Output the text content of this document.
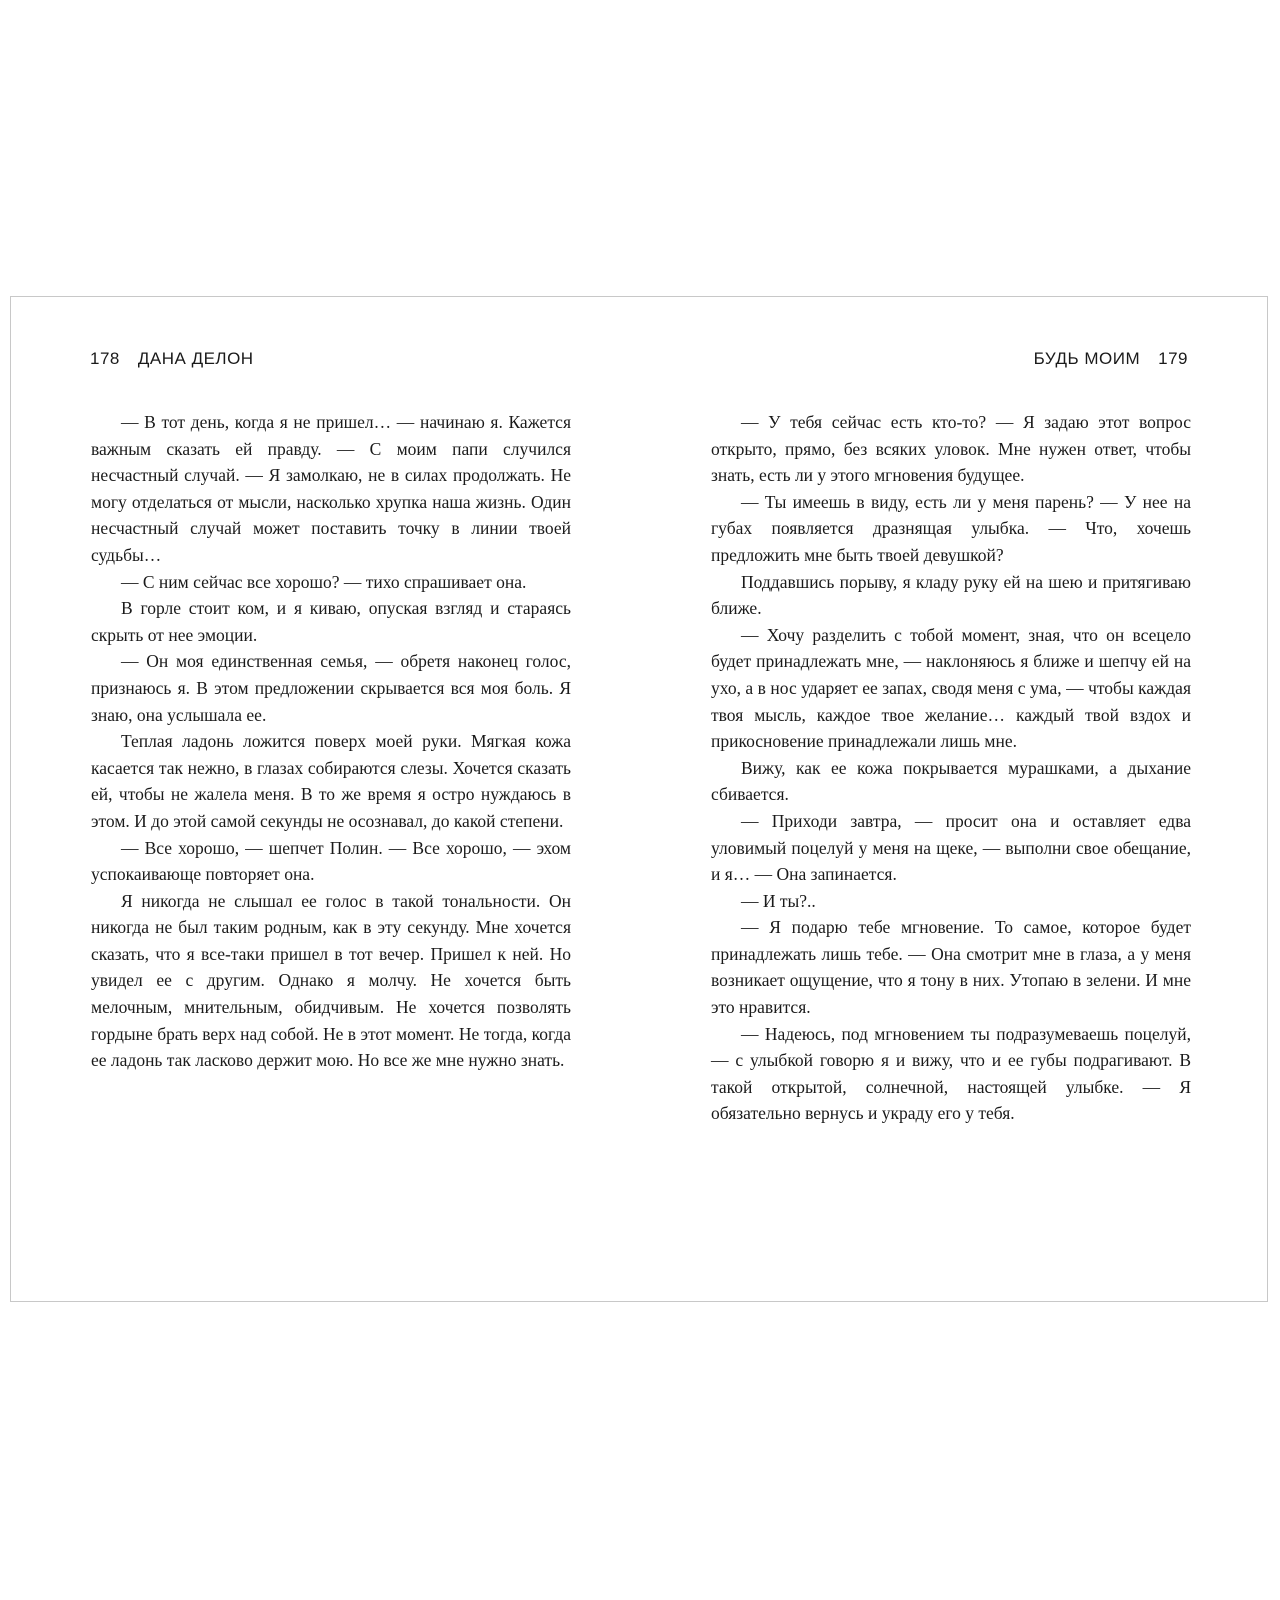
178 ДАНА ДЕЛОН	БУДЬ МОИМ 179

— В тот день, когда я не пришел… — начинаю я. Кажется важным сказать ей правду. — С моим папи случился несчастный случай. — Я замолкаю, не в силах продолжать. Не могу отделаться от мысли, насколько хрупка наша жизнь. Один несчастный случай может поставить точку в линии твоей судьбы…

— С ним сейчас все хорошо? — тихо спрашивает она.

В горле стоит ком, и я киваю, опуская взгляд и стараясь скрыть от нее эмоции.

— Он моя единственная семья, — обретя наконец голос, признаюсь я. В этом предложении скрывается вся моя боль. Я знаю, она услышала ее.

Теплая ладонь ложится поверх моей руки. Мягкая кожа касается так нежно, в глазах собираются слезы. Хочется сказать ей, чтобы не жалела меня. В то же время я остро нуждаюсь в этом. И до этой самой секунды не осознавал, до какой степени.

— Все хорошо, — шепчет Полин. — Все хорошо, — эхом успокаивающе повторяет она.

Я никогда не слышал ее голос в такой тональности. Он никогда не был таким родным, как в эту секунду. Мне хочется сказать, что я все-таки пришел в тот вечер. Пришел к ней. Но увидел ее с другим. Однако я молчу. Не хочется быть мелочным, мнительным, обидчивым. Не хочется позволять гордыне брать верх над собой. Не в этот момент. Не тогда, когда ее ладонь так ласково держит мою. Но все же мне нужно знать.

— У тебя сейчас есть кто-то? — Я задаю этот вопрос открыто, прямо, без всяких уловок. Мне нужен ответ, чтобы знать, есть ли у этого мгновения будущее.

— Ты имеешь в виду, есть ли у меня парень? — У нее на губах появляется дразнящая улыбка. — Что, хочешь предложить мне быть твоей девушкой?

Поддавшись порыву, я кладу руку ей на шею и притягиваю ближе.

— Хочу разделить с тобой момент, зная, что он всецело будет принадлежать мне, — наклоняюсь я ближе и шепчу ей на ухо, а в нос ударяет ее запах, сводя меня с ума, — чтобы каждая твоя мысль, каждое твое желание… каждый твой вздох и прикосновение принадлежали лишь мне.

Вижу, как ее кожа покрывается мурашками, а дыхание сбивается.

— Приходи завтра, — просит она и оставляет едва уловимый поцелуй у меня на щеке, — выполни свое обещание, и я… — Она запинается.

— И ты?..

— Я подарю тебе мгновение. То самое, которое будет принадлежать лишь тебе. — Она смотрит мне в глаза, а у меня возникает ощущение, что я тону в них. Утопаю в зелени. И мне это нравится.

— Надеюсь, под мгновением ты подразумеваешь поцелуй, — с улыбкой говорю я и вижу, что и ее губы подрагивают. В такой открытой, солнечной, настоящей улыбке. — Я обязательно вернусь и украду его у тебя.
